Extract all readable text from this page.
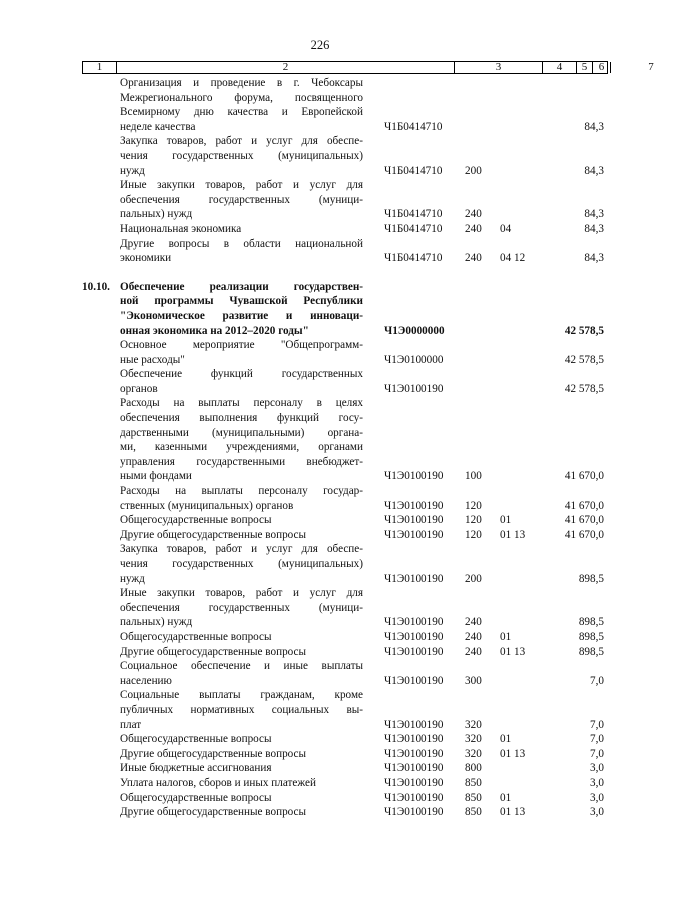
226
1	2	3	4	5	6	7
Организация и проведение в г. Чебоксары
Межрегионального форума, посвященного
Всемирному дню качества и Европейской
неделе качества	Ч1Б0414710	84,3
Закупка товаров, работ и услуг для обеспе-
чения государственных (муниципальных)
нужд	Ч1Б0414710 200	84,3
Иные закупки товаров, работ и услуг для
обеспечения государственных (муници-
пальных) нужд	Ч1Б0414710 240	84,3
Национальная экономика	Ч1Б0414710 240 04	84,3
Другие вопросы в области национальной
экономики	Ч1Б0414710 240 04 12	84,3
10.10. Обеспечение реализации государствен-
ной программы Чувашской Республики
"Экономическое развитие и инноваци-
онная экономика на 2012–2020 годы"	Ч1Э0000000	42 578,5
Основное мероприятие "Общепрограмм-
ные расходы"	Ч1Э0100000	42 578,5
Обеспечение функций государственных
органов	Ч1Э0100190	42 578,5
Расходы на выплаты персоналу в целях
обеспечения выполнения функций госу-
дарственными (муниципальными) органа-
ми, казенными учреждениями, органами
управления государственными внебюджет-
ными фондами	Ч1Э0100190 100	41 670,0
Расходы на выплаты персоналу государ-
ственных (муниципальных) органов	Ч1Э0100190 120	41 670,0
Общегосударственные вопросы	Ч1Э0100190 120 01	41 670,0
Другие общегосударственные вопросы	Ч1Э0100190 120 01 13	41 670,0
Закупка товаров, работ и услуг для обеспе-
чения государственных (муниципальных)
нужд	Ч1Э0100190 200	898,5
Иные закупки товаров, работ и услуг для
обеспечения государственных (муници-
пальных) нужд	Ч1Э0100190 240	898,5
Общегосударственные вопросы	Ч1Э0100190 240 01	898,5
Другие общегосударственные вопросы	Ч1Э0100190 240 01 13	898,5
Социальное обеспечение и иные выплаты
населению	Ч1Э0100190 300	7,0
Социальные выплаты гражданам, кроме
публичных нормативных социальных вы-
плат	Ч1Э0100190 320	7,0
Общегосударственные вопросы	Ч1Э0100190 320 01	7,0
Другие общегосударственные вопросы	Ч1Э0100190 320 01 13	7,0
Иные бюджетные ассигнования	Ч1Э0100190 800	3,0
Уплата налогов, сборов и иных платежей	Ч1Э0100190 850	3,0
Общегосударственные вопросы	Ч1Э0100190 850 01	3,0
Другие общегосударственные вопросы	Ч1Э0100190 850 01 13	3,0
